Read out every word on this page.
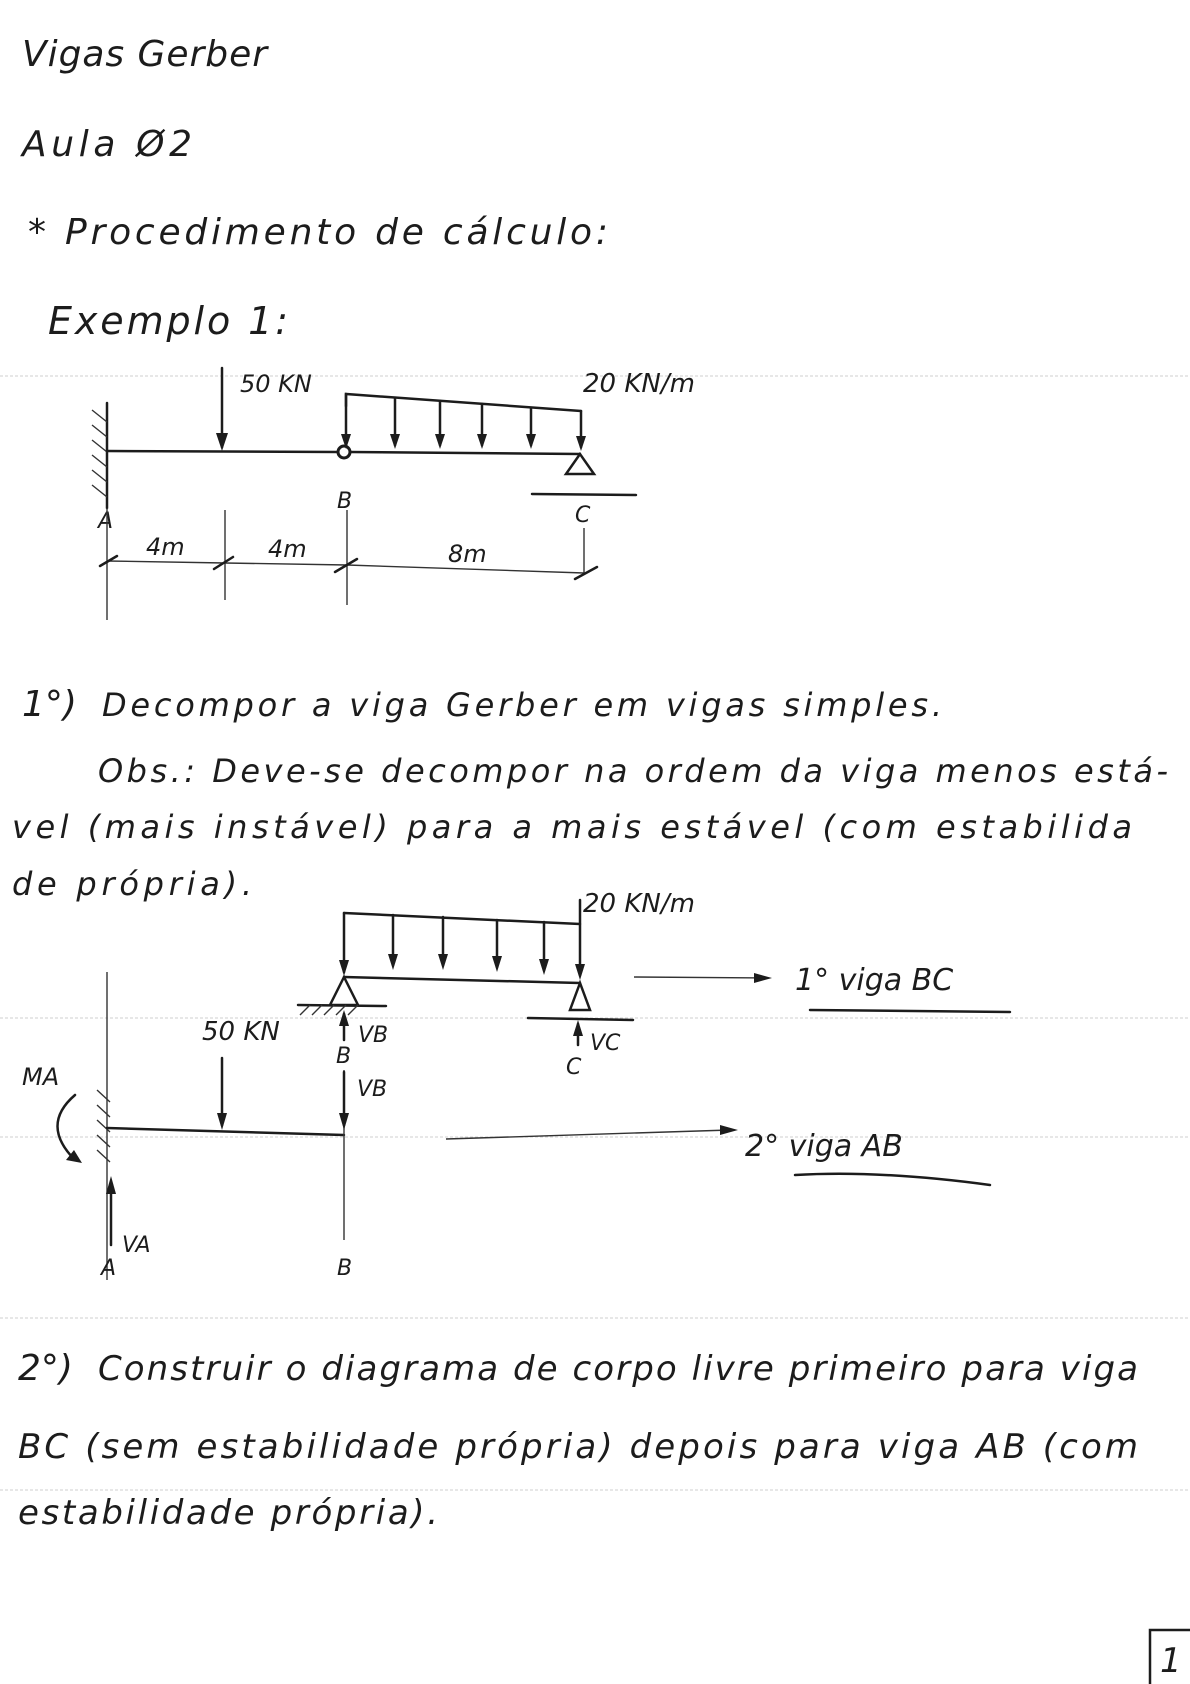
Vigas Gerber
Aula Ø2
* Procedimento de cálculo:
Exemplo 1:
50 KN	20 KN/m
A
B
C
4m	4m	8m
1°) Decompor a viga Gerber em vigas simples.
Obs.: Deve-se decompor na ordem da viga menos está-
vel (mais instável) para a mais estável (com estabilida
de própria).
20 KN/m
VB
B
VC
C
1° viga BC
50 KN
VB
MA
VA
A	B
2° viga AB
2°) Construir o diagrama de corpo livre primeiro para viga
BC (sem estabilidade própria) depois para viga AB (com
estabilidade própria).
1
